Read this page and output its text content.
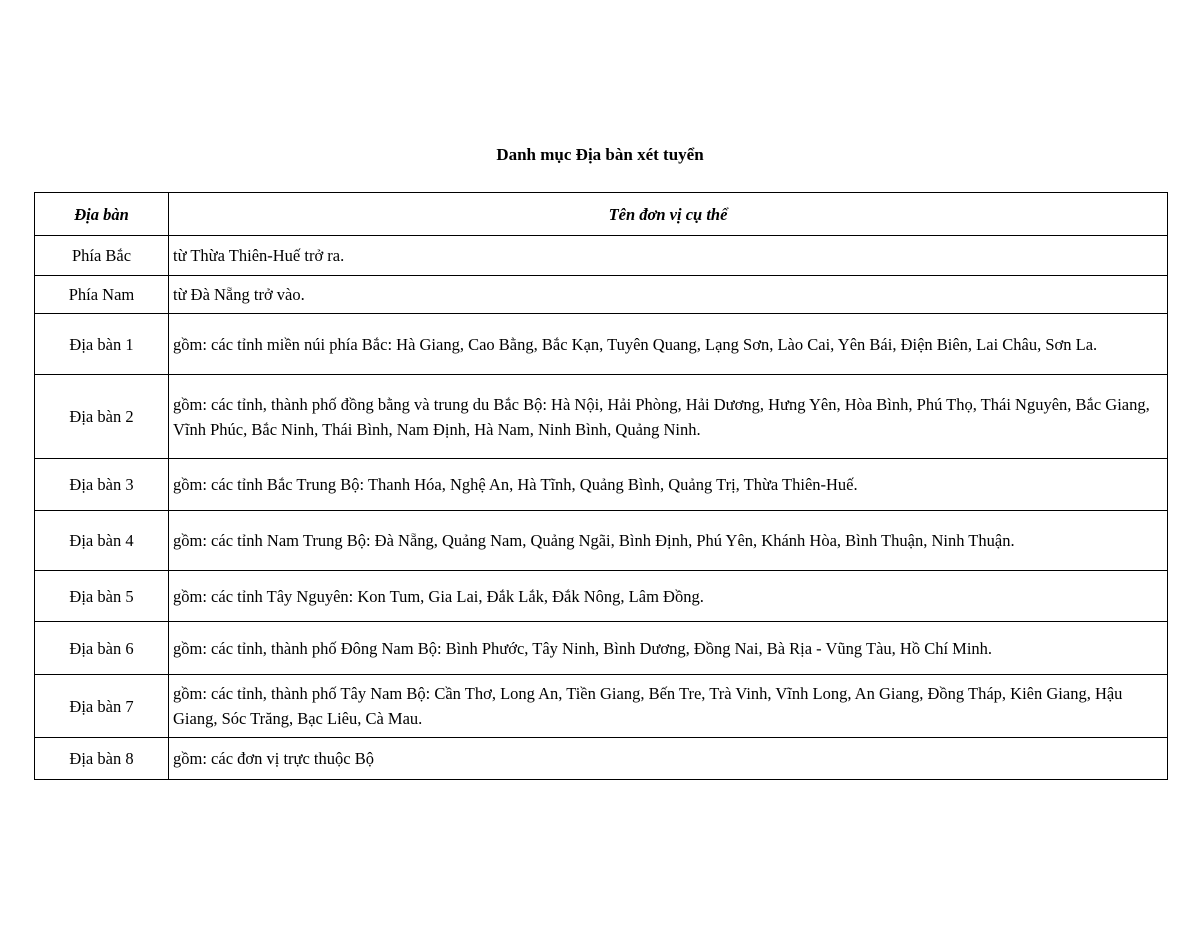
Danh mục Địa bàn xét tuyển
Địa bàn	Tên đơn vị cụ thể
Phía Bắc	từ Thừa Thiên-Huế trở ra.
Phía Nam	từ Đà Nẵng trở vào.
Địa bàn 1	gồm: các tỉnh miền núi phía Bắc: Hà Giang, Cao Bằng, Bắc Kạn, Tuyên Quang, Lạng Sơn, Lào Cai, Yên Bái, Điện Biên, Lai Châu, Sơn La.
Địa bàn 2	gồm: các tỉnh, thành phố đồng bằng và trung du Bắc Bộ: Hà Nội, Hải Phòng, Hải Dương, Hưng Yên, Hòa Bình, Phú Thọ, Thái Nguyên, Bắc Giang, Vĩnh Phúc, Bắc Ninh, Thái Bình, Nam Định, Hà Nam, Ninh Bình, Quảng Ninh.
Địa bàn 3	gồm: các tỉnh Bắc Trung Bộ: Thanh Hóa, Nghệ An, Hà Tĩnh, Quảng Bình, Quảng Trị, Thừa Thiên-Huế.
Địa bàn 4	gồm: các tỉnh Nam Trung Bộ: Đà Nẵng, Quảng Nam, Quảng Ngãi, Bình Định, Phú Yên, Khánh Hòa, Bình Thuận, Ninh Thuận.
Địa bàn 5	gồm: các tỉnh Tây Nguyên: Kon Tum, Gia Lai, Đắk Lắk, Đắk Nông, Lâm Đồng.
Địa bàn 6	gồm: các tỉnh, thành phố Đông Nam Bộ: Bình Phước, Tây Ninh, Bình Dương, Đồng Nai, Bà Rịa - Vũng Tàu, Hồ Chí Minh.
Địa bàn 7	gồm: các tỉnh, thành phố Tây Nam Bộ: Cần Thơ, Long An, Tiền Giang, Bến Tre, Trà Vinh, Vĩnh Long, An Giang, Đồng Tháp, Kiên Giang, Hậu Giang, Sóc Trăng, Bạc Liêu, Cà Mau.
Địa bàn 8	gồm: các đơn vị trực thuộc Bộ
